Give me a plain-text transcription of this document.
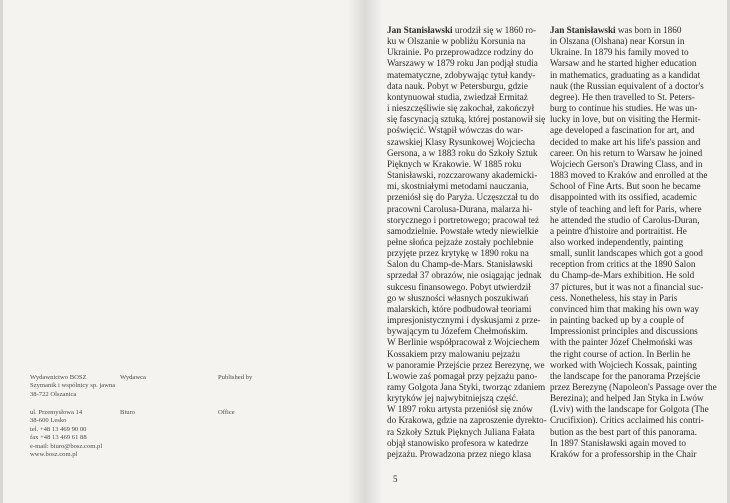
Wydawnictwo BOSZ
Szymanik i wspólnicy sp. jawna
38-722 Olszanica
Wydawca	Published by
ul. Przemysłowa 14
38-600 Lesko
tel. +48 13 469 90 00
fax +48 13 469 61 88
e-mail: biuro@bosz.com.pl
www.bosz.com.pl
Biuro	Office
Jan Stanisławski urodził się w 1860 ro-
ku w Olszanie w pobliżu Korsunia na
Ukrainie. Po przeprowadzce rodziny do
Warszawy w 1879 roku Jan podjął studia
matematyczne, zdobywając tytuł kandy-
data nauk. Pobyt w Petersburgu, gdzie
kontynuował studia, zwiedzał Ermitaż
i nieszczęśliwie się zakochał, zakończył
się fascynacją sztuką, której postanowił się
poświęcić. Wstąpił wówczas do war-
szawskiej Klasy Rysunkowej Wojciecha
Gersona, a w 1883 roku do Szkoły Sztuk
Pięknych w Krakowie. W 1885 roku
Stanisławski, rozczarowany akademicki-
mi, skostniałymi metodami nauczania,
przeniósł się do Paryża. Uczęszczał tu do
pracowni Carolusa-Durana, malarza hi-
storycznego i portretowego; pracował też
samodzielnie. Powstałe wtedy niewielkie
pełne słońca pejzaże zostały pochlebnie
przyjęte przez krytykę w 1890 roku na
Salon du Champ-de-Mars. Stanisławski
sprzedał 37 obrazów, nie osiągając jednak
sukcesu finansowego. Pobyt utwierdził
go w słuszności własnych poszukiwań
malarskich, które podbudował teoriami
impresjonistycznymi i dyskusjami z prze-
bywającym tu Józefem Chełmońskim.
W Berlinie współpracował z Wojciechem
Kossakiem przy malowaniu pejzażu
w panoramie Przejście przez Berezynę, we
Lwowie zaś pomagał przy pejzażu pano-
ramy Golgota Jana Styki, tworząc zdaniem
krytyków jej najwybitniejszą część.
W 1897 roku artysta przeniósł się znów
do Krakowa, gdzie na zaproszenie dyrekto-
ra Szkoły Sztuk Pięknych Juliana Fałata
objął stanowisko profesora w katedrze
pejzażu. Prowadzona przez niego klasa
Jan Stanisławski was born in 1860
in Olszana (Olshana) near Korsun in
Ukraine. In 1879 his family moved to
Warsaw and he started higher education
in mathematics, graduating as a kandidat
nauk (the Russian equivalent of a doctor's
degree). He then travelled to St. Peters-
burg to continue his studies. He was un-
lucky in love, but on visiting the Hermit-
age developed a fascination for art, and
decided to make art his life's passion and
career. On his return to Warsaw he joined
Wojciech Gerson's Drawing Class, and in
1883 moved to Kraków and enrolled at the
School of Fine Arts. But soon he became
disappointed with its ossified, academic
style of teaching and left for Paris, where
he attended the studio of Carolus-Duran,
a peintre d'histoire and portraitist. He
also worked independently, painting
small, sunlit landscapes which got a good
reception from critics at the 1890 Salon
du Champ-de-Mars exhibition. He sold
37 pictures, but it was not a financial suc-
cess. Nonetheless, his stay in Paris
convinced him that making his own way
in painting backed up by a couple of
Impressionist principles and discussions
with the painter Józef Chełmoński was
the right course of action. In Berlin he
worked with Wojciech Kossak, painting
the landscape for the panorama Przejście
przez Berezynę (Napoleon's Passage over the
Berezina); and helped Jan Styka in Lwów
(Lviv) with the landscape for Golgota (The
Crucifixion). Critics acclaimed his contri-
bution as the best part of this panorama.
In 1897 Stanisławski again moved to
Kraków for a professorship in the Chair
5
